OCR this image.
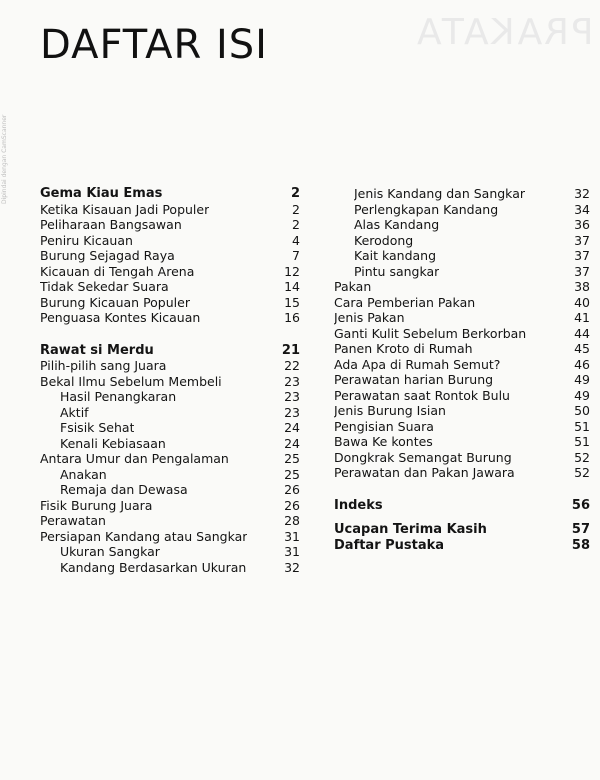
PRAKATA
Dipindai dengan CamScanner
DAFTAR ISI
Gema Kiau Emas	2
Ketika Kisauan Jadi Populer	2
Peliharaan Bangsawan	2
Peniru Kicauan	4
Burung Sejagad Raya	7
Kicauan di Tengah Arena	12
Tidak Sekedar Suara	14
Burung Kicauan Populer	15
Penguasa Kontes Kicauan	16
Rawat si Merdu	21
Pilih-pilih sang Juara	22
Bekal Ilmu Sebelum Membeli	23
Hasil Penangkaran	23
Aktif	23
Fsisik Sehat	24
Kenali Kebiasaan	24
Antara Umur dan Pengalaman	25
Anakan	25
Remaja dan Dewasa	26
Fisik Burung Juara	26
Perawatan	28
Persiapan Kandang atau Sangkar	31
Ukuran Sangkar	31
Kandang Berdasarkan Ukuran	32
Jenis Kandang dan Sangkar	32
Perlengkapan Kandang	34
Alas Kandang	36
Kerodong	37
Kait kandang	37
Pintu sangkar	37
Pakan	38
Cara Pemberian Pakan	40
Jenis Pakan	41
Ganti Kulit Sebelum Berkorban	44
Panen Kroto di Rumah	45
Ada Apa di Rumah Semut?	46
Perawatan harian Burung	49
Perawatan saat Rontok Bulu	49
Jenis Burung Isian	50
Pengisian Suara	51
Bawa Ke kontes	51
Dongkrak Semangat Burung	52
Perawatan dan Pakan Jawara	52
Indeks	56
Ucapan Terima Kasih	57
Daftar Pustaka	58
